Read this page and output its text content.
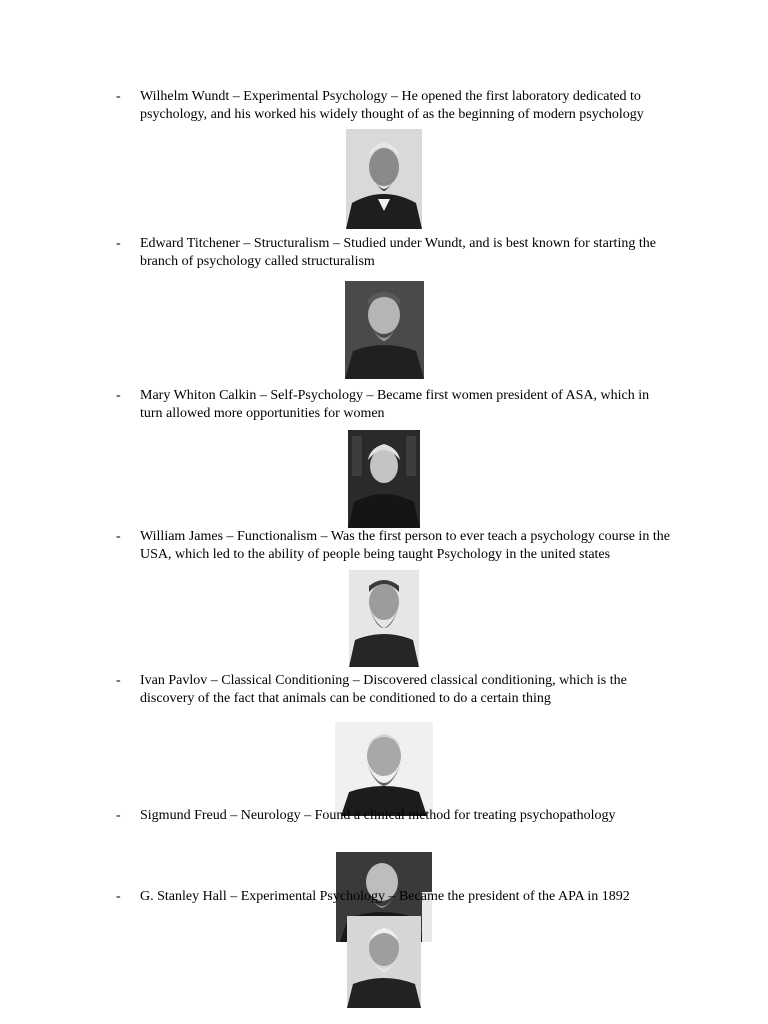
- Wilhelm Wundt – Experimental Psychology – He opened the first laboratory dedicated to psychology, and his worked his widely thought of as the beginning of modern psychology
- Edward Titchener – Structuralism – Studied under Wundt, and is best known for starting the branch of psychology called structuralism
- Mary Whiton Calkin – Self-Psychology – Became first women president of ASA, which in turn allowed more opportunities for women
- William James – Functionalism – Was the first person to ever teach a psychology course in the USA, which led to the ability of people being taught Psychology in the united states
- Ivan Pavlov – Classical Conditioning – Discovered classical conditioning, which is the discovery of the fact that animals can be conditioned to do a certain thing
- Sigmund Freud – Neurology – Found a clinical method for treating psychopathology
- G. Stanley Hall – Experimental Psychology – Became the president of the APA in 1892
